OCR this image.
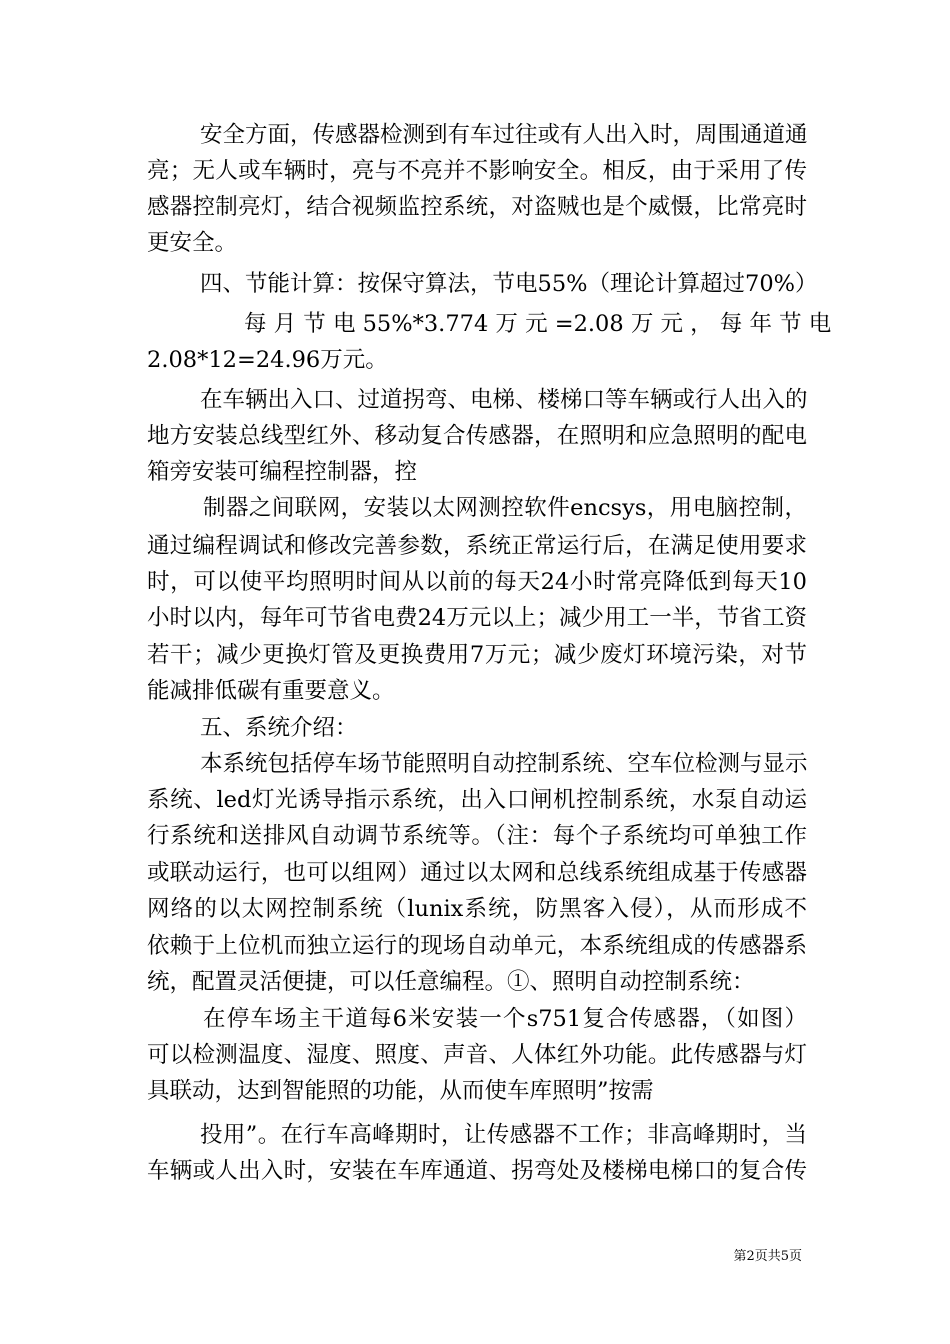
安全方面，传感器检测到有车过往或有人出入时，周围通道通
亮；无人或车辆时，亮与不亮并不影响安全。相反，由于采用了传
感器控制亮灯，结合视频监控系统，对盗贼也是个威慑，比常亮时
更安全。
四、节能计算：按保守算法，节电55%（理论计算超过70%）
每 月 节 电 55%*3.774 万 元 =2.08 万 元 ， 每 年 节 电
2.08*12=24.96万元。
在车辆出入口、过道拐弯、电梯、楼梯口等车辆或行人出入的
地方安装总线型红外、移动复合传感器，在照明和应急照明的配电
箱旁安装可编程控制器，控
制器之间联网，安装以太网测控软件encsys，用电脑控制，
通过编程调试和修改完善参数，系统正常运行后，在满足使用要求
时，可以使平均照明时间从以前的每天24小时常亮降低到每天10
小时以内，每年可节省电费24万元以上；减少用工一半，节省工资
若干；减少更换灯管及更换费用7万元；减少废灯环境污染，对节
能减排低碳有重要意义。
五、系统介绍：
本系统包括停车场节能照明自动控制系统、空车位检测与显示
系统、led灯光诱导指示系统，出入口闸机控制系统，水泵自动运
行系统和送排风自动调节系统等。（注：每个子系统均可单独工作
或联动运行，也可以组网）通过以太网和总线系统组成基于传感器
网络的以太网控制系统（lunix系统，防黑客入侵），从而形成不
依赖于上位机而独立运行的现场自动单元，本系统组成的传感器系
统，配置灵活便捷，可以任意编程。①、照明自动控制系统：
在停车场主干道每6米安装一个s751复合传感器，（如图）
可以检测温度、湿度、照度、声音、人体红外功能。此传感器与灯
具联动，达到智能照的功能，从而使车库照明”按需
投用”。在行车高峰期时，让传感器不工作；非高峰期时，当
车辆或人出入时，安装在车库通道、拐弯处及楼梯电梯口的复合传
第2页共5页
